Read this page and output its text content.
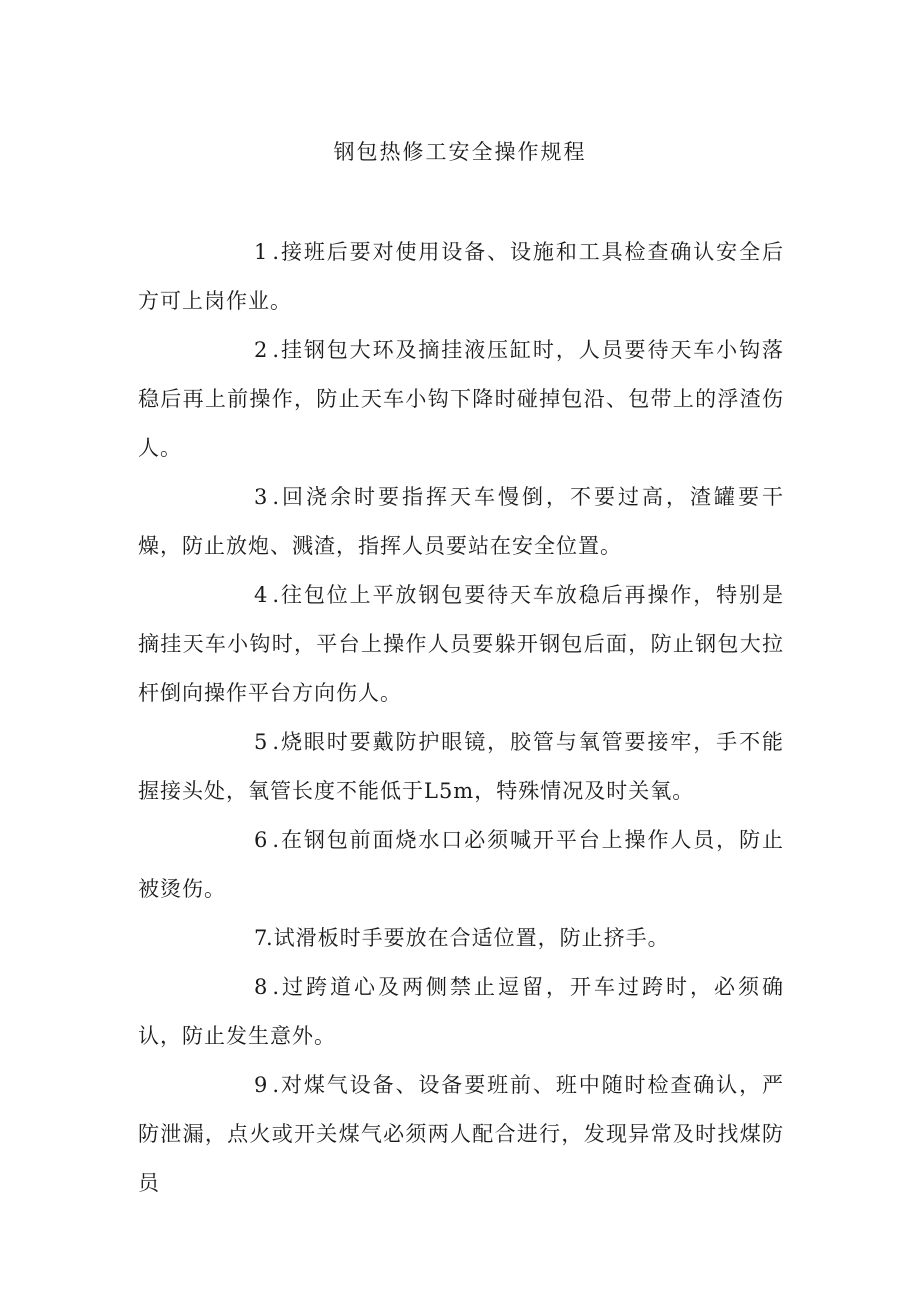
钢包热修工安全操作规程

1 .接班后要对使用设备、设施和工具检查确认安全后方可上岗作业。

2 .挂钢包大环及摘挂液压缸时，人员要待天车小钩落稳后再上前操作，防止天车小钩下降时碰掉包沿、包带上的浮渣伤人。

3 .回浇余时要指挥天车慢倒，不要过高，渣罐要干燥，防止放炮、溅渣，指挥人员要站在安全位置。

4 .往包位上平放钢包要待天车放稳后再操作，特别是摘挂天车小钩时，平台上操作人员要躲开钢包后面，防止钢包大拉杆倒向操作平台方向伤人。

5 .烧眼时要戴防护眼镜，胶管与氧管要接牢，手不能握接头处，氧管长度不能低于L5m，特殊情况及时关氧。

6 .在钢包前面烧水口必须喊开平台上操作人员，防止被烫伤。

7.试滑板时手要放在合适位置，防止挤手。

8 .过跨道心及两侧禁止逗留，开车过跨时，必须确认，防止发生意外。

9 .对煤气设备、设备要班前、班中随时检查确认，严防泄漏，点火或开关煤气必须两人配合进行，发现异常及时找煤防员
